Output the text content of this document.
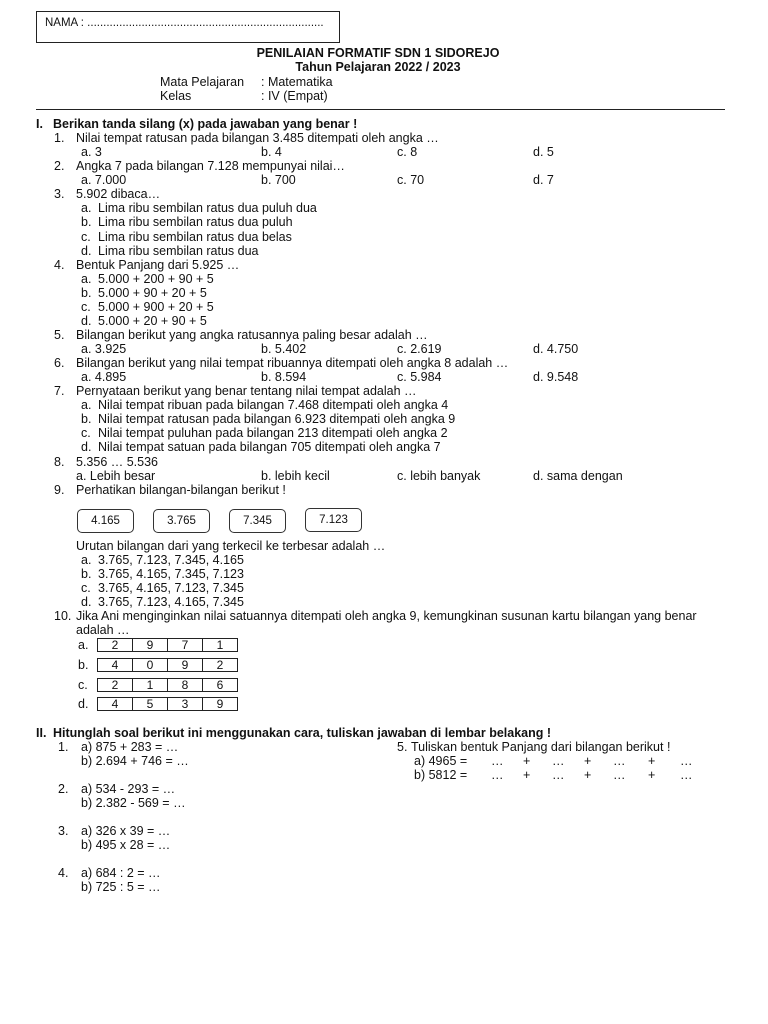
NAMA : ..........................................................................
PENILAIAN FORMATIF SDN 1 SIDOREJO
Tahun Pelajaran 2022 / 2023
Mata Pelajaran : Matematika
Kelas	: IV (Empat)
I. Berikan tanda silang (x) pada jawaban yang benar !
1. Nilai tempat ratusan pada bilangan 3.485 ditempati oleh angka …
a. 3	b. 4	c. 8	d. 5
2. Angka 7 pada bilangan 7.128 mempunyai nilai…
a. 7.000	b. 700	c. 70	d. 7
3. 5.902 dibaca…
a. Lima ribu sembilan ratus dua puluh dua
b. Lima ribu sembilan ratus dua puluh
c. Lima ribu sembilan ratus dua belas
d. Lima ribu sembilan ratus dua
4. Bentuk Panjang dari 5.925 …
a. 5.000 + 200 + 90 + 5
b. 5.000 + 90 + 20 + 5
c. 5.000 + 900 + 20 + 5
d. 5.000 + 20 + 90 + 5
5. Bilangan berikut yang angka ratusannya paling besar adalah …
a. 3.925	b. 5.402	c. 2.619	d. 4.750
6. Bilangan berikut yang nilai tempat ribuannya ditempati oleh angka 8 adalah …
a. 4.895	b. 8.594	c. 5.984	d. 9.548
7. Pernyataan berikut yang benar tentang nilai tempat adalah …
a. Nilai tempat ribuan pada bilangan 7.468 ditempati oleh angka 4
b. Nilai tempat ratusan pada bilangan 6.923 ditempati oleh angka 9
c. Nilai tempat puluhan pada bilangan 213 ditempati oleh angka 2
d. Nilai tempat satuan pada bilangan 705 ditempati oleh angka 7
8. 5.356 … 5.536
a. Lebih besar	b. lebih kecil	c. lebih banyak	d. sama dengan
9. Perhatikan bilangan-bilangan berikut !
4.165	3.765	7.345	7.123
Urutan bilangan dari yang terkecil ke terbesar adalah …
a. 3.765, 7.123, 7.345, 4.165
b. 3.765, 4.165, 7.345, 7.123
c. 3.765, 4.165, 7.123, 7.345
d. 3.765, 7.123, 4.165, 7.345
10. Jika Ani menginginkan nilai satuannya ditempati oleh angka 9, kemungkinan susunan kartu bilangan yang benar
adalah …
a. 2	9	7	1
b. 4	0	9	2
c. 2	1	8	6
d. 4	5	3	9
II. Hitunglah soal berikut ini menggunakan cara, tuliskan jawaban di lembar belakang !
1. a) 875 + 283 = …
b) 2.694 + 746 = …
2. a) 534 - 293 = …
b) 2.382 - 569 = …
3. a) 326 x 39 = …
b) 495 x 28 = …
4. a) 684 : 2 = …
b) 725 : 5 = …
5. Tuliskan bentuk Panjang dari bilangan berikut !
a) 4965 = … + … + … + …
b) 5812 = … + … + … + …
